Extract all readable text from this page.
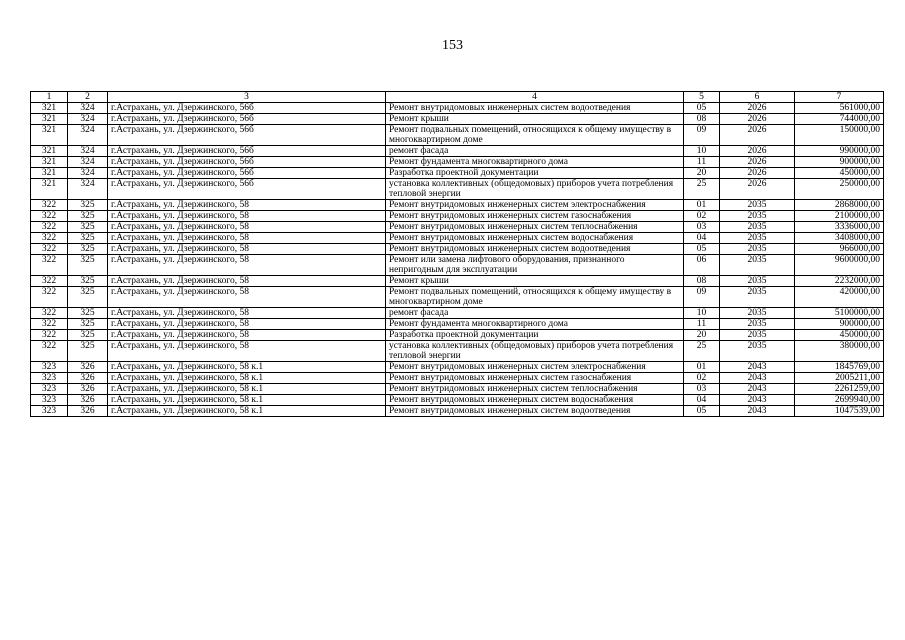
153
1	2	3	4	5	6	7
321	324	г.Астрахань, ул. Дзержинского, 56б	Ремонт внутридомовых инженерных систем водоотведения	05	2026	561000,00
321	324	г.Астрахань, ул. Дзержинского, 56б	Ремонт крыши	08	2026	744000,00
321	324	г.Астрахань, ул. Дзержинского, 56б	Ремонт подвальных помещений, относящихся к общему имуществу в многоквартирном доме	09	2026	150000,00
321	324	г.Астрахань, ул. Дзержинского, 56б	ремонт фасада	10	2026	990000,00
321	324	г.Астрахань, ул. Дзержинского, 56б	Ремонт фундамента многоквартирного дома	11	2026	900000,00
321	324	г.Астрахань, ул. Дзержинского, 56б	Разработка проектной документации	20	2026	450000,00
321	324	г.Астрахань, ул. Дзержинского, 56б	установка коллективных (общедомовых) приборов учета потребления тепловой энергии	25	2026	250000,00
322	325	г.Астрахань, ул. Дзержинского, 58	Ремонт внутридомовых инженерных систем электроснабжения	01	2035	2868000,00
322	325	г.Астрахань, ул. Дзержинского, 58	Ремонт внутридомовых инженерных систем газоснабжения	02	2035	2100000,00
322	325	г.Астрахань, ул. Дзержинского, 58	Ремонт внутридомовых инженерных систем теплоснабжения	03	2035	3336000,00
322	325	г.Астрахань, ул. Дзержинского, 58	Ремонт внутридомовых инженерных систем водоснабжения	04	2035	3408000,00
322	325	г.Астрахань, ул. Дзержинского, 58	Ремонт внутридомовых инженерных систем водоотведения	05	2035	966000,00
322	325	г.Астрахань, ул. Дзержинского, 58	Ремонт или замена лифтового оборудования, признанного непригодным для эксплуатации	06	2035	9600000,00
322	325	г.Астрахань, ул. Дзержинского, 58	Ремонт крыши	08	2035	2232000,00
322	325	г.Астрахань, ул. Дзержинского, 58	Ремонт подвальных помещений, относящихся к общему имуществу в многоквартирном доме	09	2035	420000,00
322	325	г.Астрахань, ул. Дзержинского, 58	ремонт фасада	10	2035	5100000,00
322	325	г.Астрахань, ул. Дзержинского, 58	Ремонт фундамента многоквартирного дома	11	2035	900000,00
322	325	г.Астрахань, ул. Дзержинского, 58	Разработка проектной документации	20	2035	450000,00
322	325	г.Астрахань, ул. Дзержинского, 58	установка коллективных (общедомовых) приборов учета потребления тепловой энергии	25	2035	380000,00
323	326	г.Астрахань, ул. Дзержинского, 58 к.1	Ремонт внутридомовых инженерных систем электроснабжения	01	2043	1845769,00
323	326	г.Астрахань, ул. Дзержинского, 58 к.1	Ремонт внутридомовых инженерных систем газоснабжения	02	2043	2005211,00
323	326	г.Астрахань, ул. Дзержинского, 58 к.1	Ремонт внутридомовых инженерных систем теплоснабжения	03	2043	2261259,00
323	326	г.Астрахань, ул. Дзержинского, 58 к.1	Ремонт внутридомовых инженерных систем водоснабжения	04	2043	2699940,00
323	326	г.Астрахань, ул. Дзержинского, 58 к.1	Ремонт внутридомовых инженерных систем водоотведения	05	2043	1047539,00
